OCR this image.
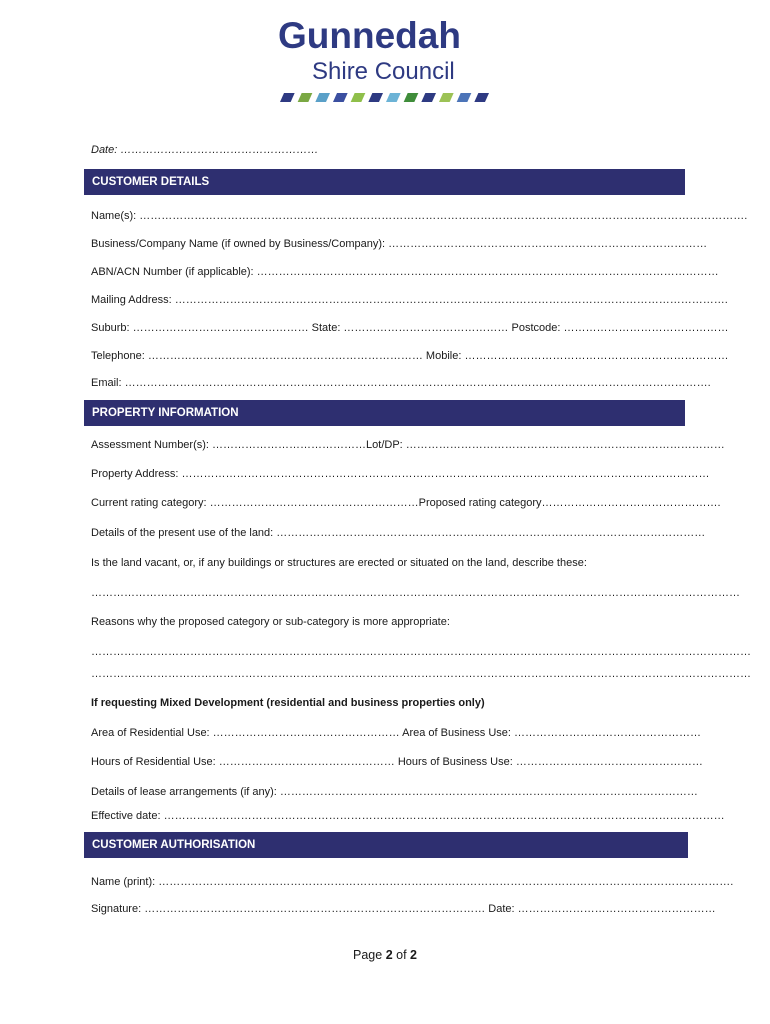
Gunnedah
Shire Council
Date: ………………………………………………
CUSTOMER DETAILS
Name(s): ………………………………………………………………………………………………………………………………………………….
Business/Company Name (if owned by Business/Company): ……………………………………………………………………………
ABN/ACN Number (if applicable): ………………………………………………………………………………………………………………
Mailing Address: …………………………………………………………………………………………………………………………………….
Suburb: ………………………………………… State: ……………………………………… Postcode: ………………………………………
Telephone: ………………………………………………………………… Mobile: ………………………………………………………………
Email: …………………………………………………………………………………………………………………………………………….
PROPERTY INFORMATION
Assessment Number(s): ……………………………………Lot/DP: ……………………………………………………………………………
Property Address: ………………………………………………………………………………………………………………………………
Current rating category: …………………………………………………Proposed rating category………………………………………….
Details of the present use of the land: ………………………………………………………………………………………………………
Is the land vacant, or, if any buildings or structures are erected or situated on the land, describe these:
……………………………………………………………………………………………………………………………………………………………
Reasons why the proposed category or sub-category is more appropriate:
………………………………………………………………………………………………………………………………………………………………
………………………………………………………………………………………………………………………………………………………………
If requesting Mixed Development (residential and business properties only)
Area of Residential Use: …………………………………………… Area of Business Use: ……………………………………………
Hours of Residential Use: ………………………………………… Hours of Business Use: ……………………………………………
Details of lease arrangements (if any): ……………………………………………………………………………………………………
Effective date: ………………………………………………………………………………………………………………………………………
CUSTOMER AUTHORISATION
Name (print): ………………………………………………………………………………………………………………………………………….
Signature: ………………………………………………………………………………… Date: ………………………………………………
Page 2 of 2
